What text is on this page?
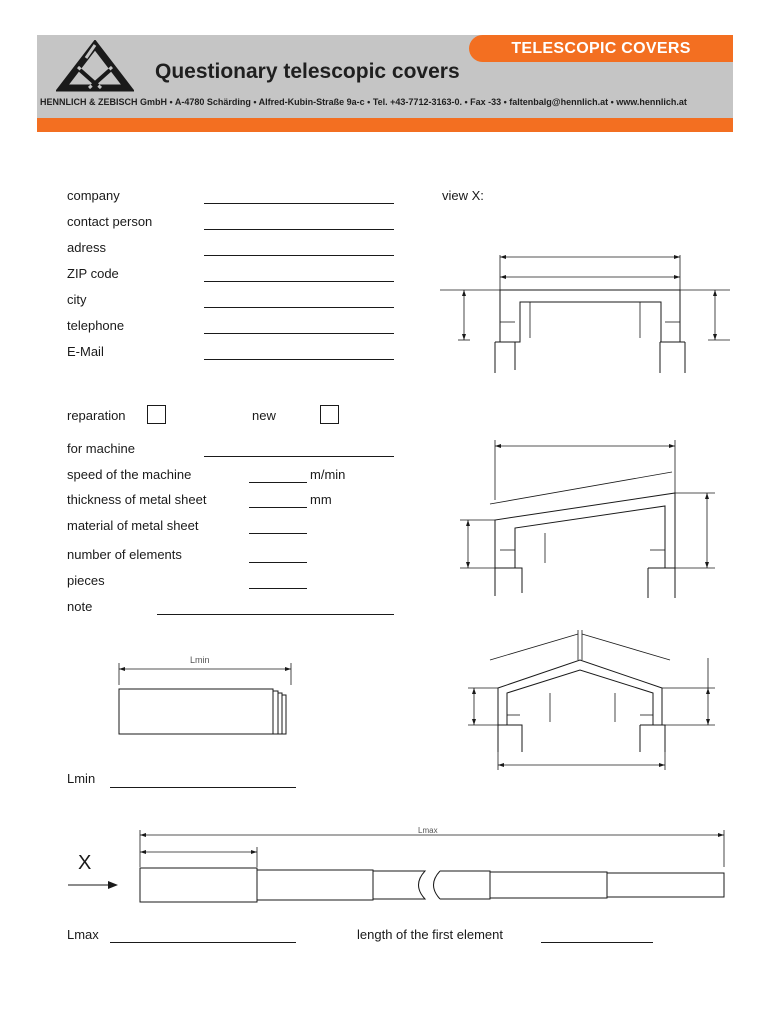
TELESCOPIC COVERS
Questionary telescopic covers
HENNLICH & ZEBISCH GmbH • A-4780 Schärding • Alfred-Kubin-Straße 9a-c • Tel. +43-7712-3163-0. • Fax -33 • faltenbalg@hennlich.at • www.hennlich.at
company
contact person
adress
ZIP code
city
telephone
E-Mail
view X:
reparation	new
for machine
speed of the machine	m/min
thickness of metal sheet	mm
material of metal sheet
number of elements
pieces
note
Lmin
Lmax
X
Lmin
Lmax	length of the first element
